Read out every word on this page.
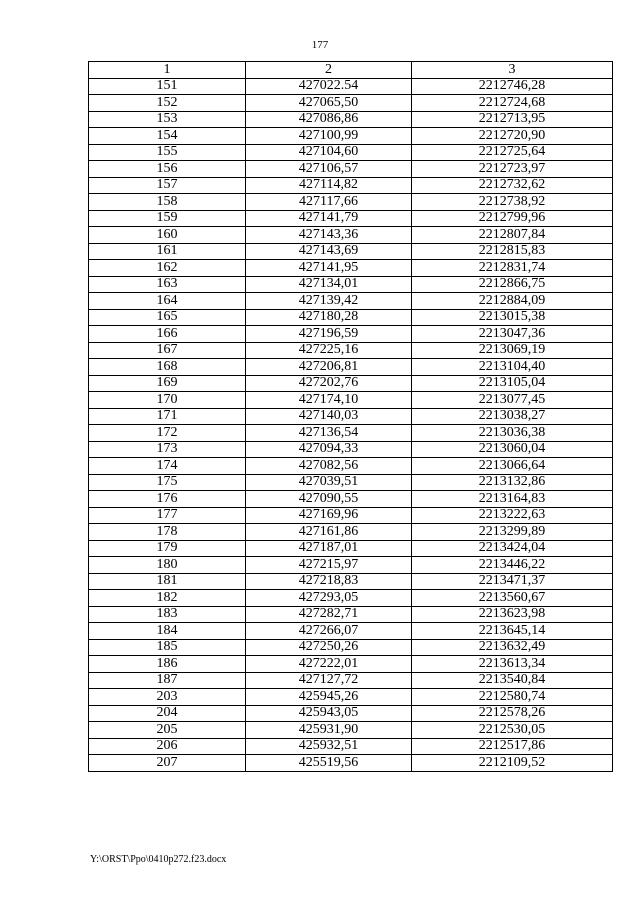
177
1	2	3
151	427022.54	2212746,28
152	427065,50	2212724,68
153	427086,86	2212713,95
154	427100,99	2212720,90
155	427104,60	2212725,64
156	427106,57	2212723,97
157	427114,82	2212732,62
158	427117,66	2212738,92
159	427141,79	2212799,96
160	427143,36	2212807,84
161	427143,69	2212815,83
162	427141,95	2212831,74
163	427134,01	2212866,75
164	427139,42	2212884,09
165	427180,28	2213015,38
166	427196,59	2213047,36
167	427225,16	2213069,19
168	427206,81	2213104,40
169	427202,76	2213105,04
170	427174,10	2213077,45
171	427140,03	2213038,27
172	427136,54	2213036,38
173	427094,33	2213060,04
174	427082,56	2213066,64
175	427039,51	2213132,86
176	427090,55	2213164,83
177	427169,96	2213222,63
178	427161,86	2213299,89
179	427187,01	2213424,04
180	427215,97	2213446,22
181	427218,83	2213471,37
182	427293,05	2213560,67
183	427282,71	2213623,98
184	427266,07	2213645,14
185	427250,26	2213632,49
186	427222,01	2213613,34
187	427127,72	2213540,84
203	425945,26	2212580,74
204	425943,05	2212578,26
205	425931,90	2212530,05
206	425932,51	2212517,86
207	425519,56	2212109,52
Y:\ORST\Ppo\0410p272.f23.docx
